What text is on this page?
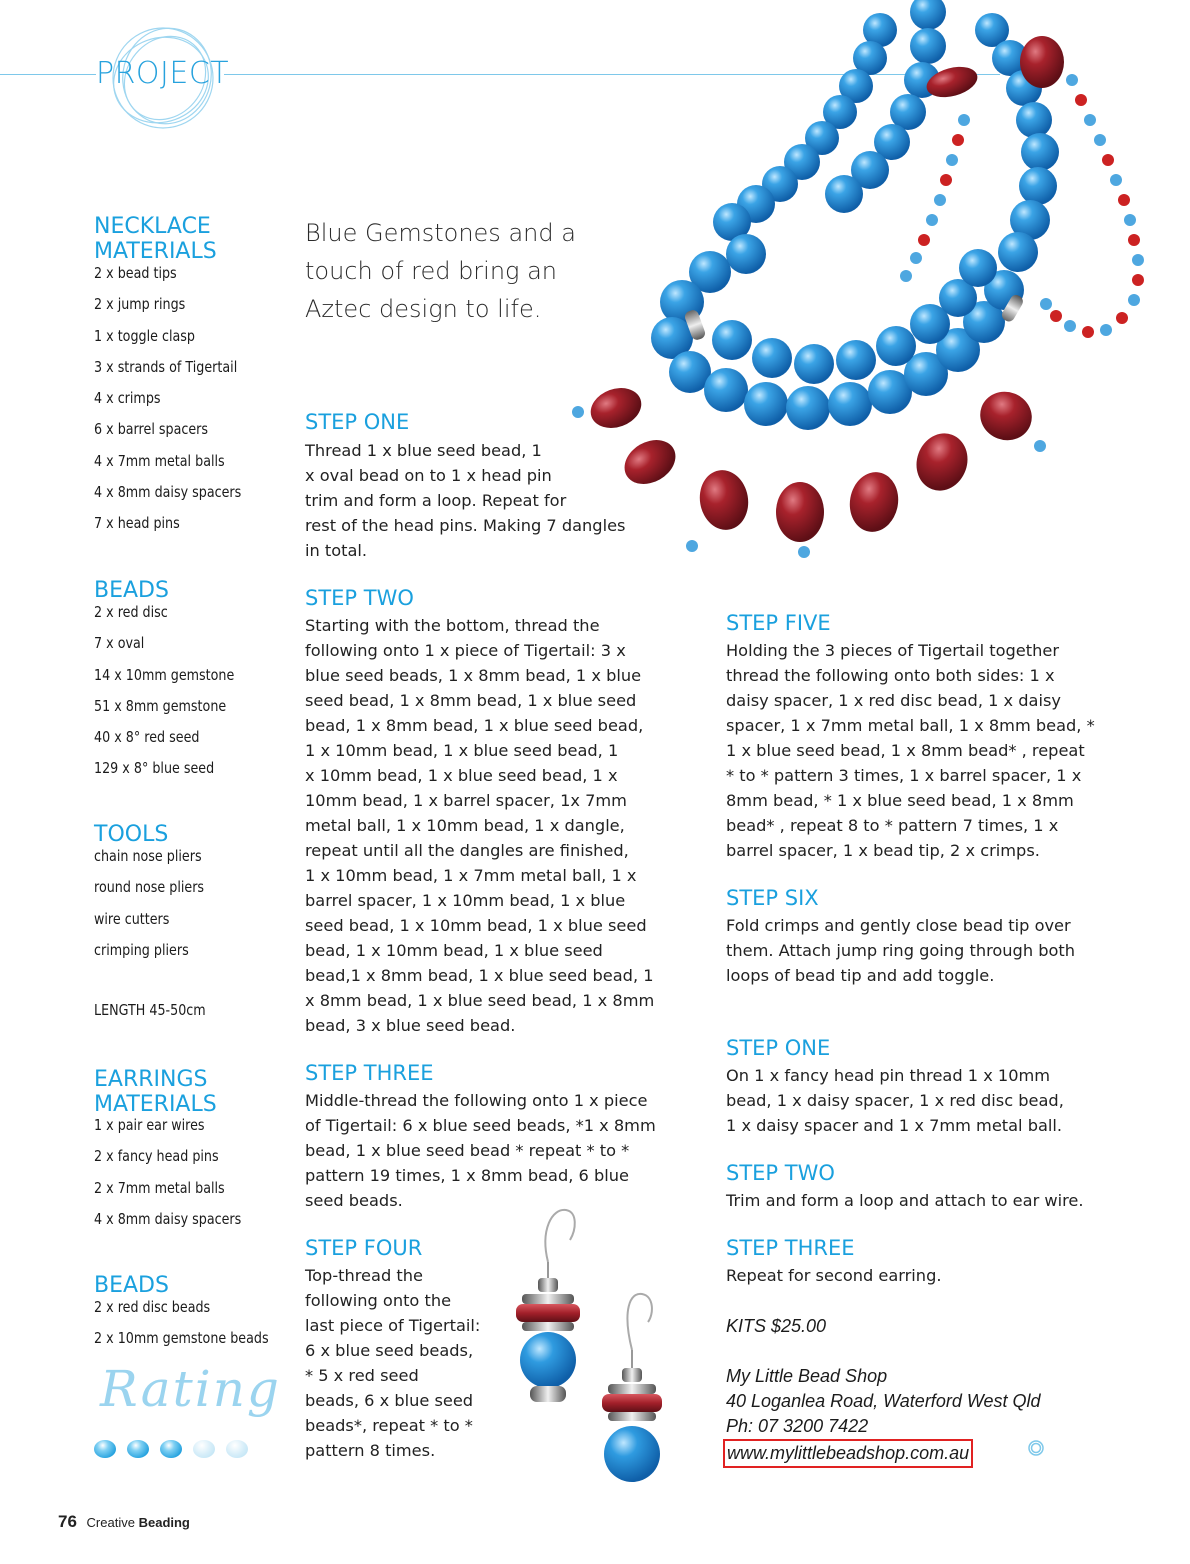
PROJECT
NECKLACE MATERIALS
2 x bead tips
2 x jump rings
1 x toggle clasp
3 x strands of Tigertail
4 x crimps
6 x barrel spacers
4 x 7mm metal balls
4 x 8mm daisy spacers
7 x head pins
BEADS
2 x red disc
7 x oval
14 x 10mm gemstone
51 x 8mm gemstone
40 x 8° red seed
129 x 8° blue seed
TOOLS
chain nose pliers
round nose pliers
wire cutters
crimping pliers
LENGTH 45-50cm
EARRINGS MATERIALS
1 x pair ear wires
2 x fancy head pins
2 x 7mm metal balls
4 x 8mm daisy spacers
BEADS
2 x red disc beads
2 x 10mm gemstone beads
Rating
Blue Gemstones and a touch of red bring an Aztec design to life.
STEP ONE
Thread 1 x blue seed bead, 1
x oval bead on to 1 x head pin
trim and form a loop. Repeat for
rest of the head pins. Making 7 dangles
in total.
STEP TWO
Starting with the bottom, thread the
following onto 1 x piece of Tigertail: 3 x
blue seed beads, 1 x 8mm bead, 1 x blue
seed bead, 1 x 8mm bead, 1 x blue seed
bead, 1 x 8mm bead, 1 x blue seed bead,
1 x 10mm bead, 1 x blue seed bead, 1
x 10mm bead, 1 x blue seed bead, 1 x
10mm bead, 1 x barrel spacer, 1x 7mm
metal ball, 1 x 10mm bead, 1 x dangle,
repeat until all the dangles are finished,
1 x 10mm bead, 1 x 7mm metal ball, 1 x
barrel spacer, 1 x 10mm bead, 1 x blue
seed bead, 1 x 10mm bead, 1 x blue seed
bead, 1 x 10mm bead, 1 x blue seed
bead,1 x 8mm bead, 1 x blue seed bead, 1
x 8mm bead, 1 x blue seed bead, 1 x 8mm
bead, 3 x blue seed bead.
STEP THREE
Middle-thread the following onto 1 x piece
of Tigertail: 6 x blue seed beads, *1 x 8mm
bead, 1 x blue seed bead * repeat * to *
pattern 19 times, 1 x 8mm bead, 6 blue
seed beads.
STEP FOUR
Top-thread the
following onto the
last piece of Tigertail:
6 x blue seed beads,
* 5 x red seed
beads, 6 x blue seed
beads*, repeat * to *
pattern 8 times.
STEP FIVE
Holding the 3 pieces of Tigertail together
thread the following onto both sides: 1 x
daisy spacer, 1 x red disc bead, 1 x daisy
spacer, 1 x 7mm metal ball, 1 x 8mm bead, *
1 x blue seed bead, 1 x 8mm bead* , repeat
* to * pattern 3 times, 1 x barrel spacer, 1 x
8mm bead, * 1 x blue seed bead, 1 x 8mm
bead* , repeat 8 to * pattern 7 times, 1 x
barrel spacer, 1 x bead tip, 2 x crimps.
STEP SIX
Fold crimps and gently close bead tip over
them. Attach jump ring going through both
loops of bead tip and add toggle.
STEP ONE
On 1 x fancy head pin thread 1 x 10mm
bead, 1 x daisy spacer, 1 x red disc bead,
1 x daisy spacer and 1 x 7mm metal ball.
STEP TWO
Trim and form a loop and attach to ear wire.
STEP THREE
Repeat for second earring.
KITS $25.00
My Little Bead Shop
40 Loganlea Road, Waterford West Qld
Ph: 07 3200 7422
www.mylittlebeadshop.com.au
76 Creative Beading
